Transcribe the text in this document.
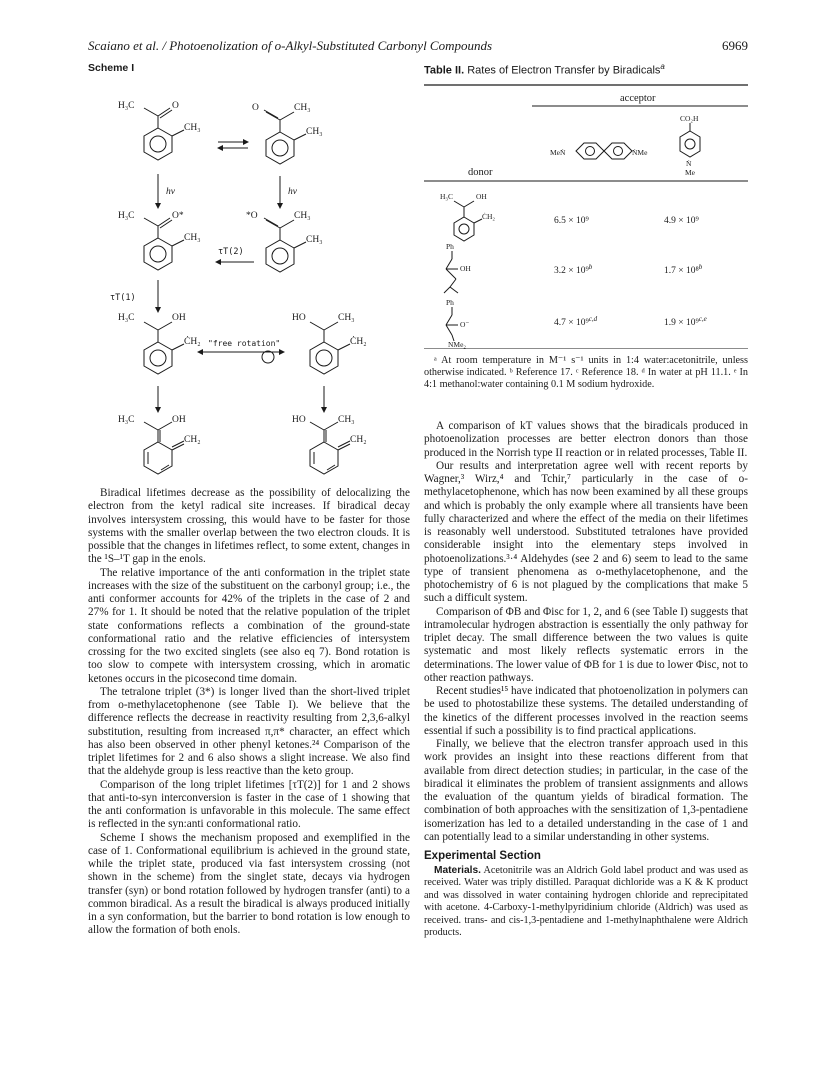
Scaiano et al. / Photoenolization of o-Alkyl-Substituted Carbonyl Compounds	6969
Scheme I
H₃C	O
CH₃
O	CH₃
CH₃
hν	hν
H₃C	O*
CH₃
τT(2)
*O	CH₃
CH₃
τT(1)
H₃C	OH
ĊH₂ "free rotation"
HO	CH₃
ĊH₂
H₃C	OH
CH₂
HO	CH₃
CH₂

Biradical lifetimes decrease as the possibility of delocalizing the electron from the ketyl radical site increases. If biradical decay involves intersystem crossing, this would have to be faster for those systems with the smaller overlap between the two electron clouds. It is possible that the changes in lifetimes reflect, to some extent, changes in the ¹S–¹T gap in the enols.

The relative importance of the anti conformation in the triplet state increases with the size of the substituent on the carbonyl group; i.e., the anti conformer accounts for 42% of the triplets in the case of 2 and 27% for 1. It should be noted that the relative population of the triplet state conformations reflects a combination of the ground-state conformational ratio and the relative efficiencies of intersystem crossing for the two excited singlets (see also eq 7). Bond rotation is too slow to compete with intersystem crossing, which in aromatic ketones occurs in the picosecond time domain.

The tetralone triplet (3*) is longer lived than the short-lived triplet from o-methylacetophenone (see Table I). We believe that the difference reflects the decrease in reactivity resulting from 2,3,6-alkyl substitution, resulting from increased π,π* character, an effect which has also been observed in other phenyl ketones.²⁴ Comparison of the triplet lifetimes for 2 and 6 also shows a slight increase. We also find that the aldehyde group is less reactive than the keto group.

Comparison of the long triplet lifetimes [τT(2)] for 1 and 2 shows that anti-to-syn interconversion is faster in the case of 1 showing that the anti conformation is unfavorable in this molecule. The same effect is reflected in the syn:anti conformational ratio.

Scheme I shows the mechanism proposed and exemplified in the case of 1. Conformational equilibrium is achieved in the ground state, while the triplet state, produced via fast intersystem crossing (not shown in the scheme) from the singlet state, decays via hydrogen transfer (syn) or bond rotation followed by hydrogen transfer (anti) to a common biradical. As a result the biradical is always produced initially in a syn conformation, but the barrier to bond rotation is low enough to allow the formation of both enols.

Table II. Rates of Electron Transfer by Biradicals$^a$
acceptor
MeṄ	ṄMe
CO₂H
Ṅ
Me
donor
H₃C	OH
ĊH₂	6.5 × 10⁹	4.9 × 10⁹
Ph
OH	3.2 × 10⁹$^b$	1.7 × 10⁸$^b$
Ph
O⁻
NMe₂
4.7 × 10⁹$^{c,d}$	1.9 × 10⁹$^{c,e}$

ᵃ At room temperature in M⁻¹ s⁻¹ units in 1:4 water:acetonitrile, unless otherwise indicated. ᵇ Reference 17. ᶜ Reference 18. ᵈ In water at pH 11.1. ᵉ In 4:1 methanol:water containing 0.1 M sodium hydroxide.

A comparison of kT values shows that the biradicals produced in photoenolization processes are better electron donors than those produced in the Norrish type II reaction or in related processes, Table II.

Our results and interpretation agree well with recent reports by Wagner,³ Wirz,⁴ and Tchir,⁷ particularly in the case of o-methylacetophenone, which has now been examined by all these groups and which is probably the only example where all transients have been fully characterized and where the effect of the media on their lifetimes is reasonably well understood. Substituted tetralones have provided considerable insight into the elementary steps involved in photoenolizations.³·⁴ Aldehydes (see 2 and 6) seem to lead to the same type of transient phenomena as o-methylacetophenone, and the photochemistry of 6 is not plagued by the complications that make 5 such a difficult system.

Comparison of ΦB and Φisc for 1, 2, and 6 (see Table I) suggests that intramolecular hydrogen abstraction is essentially the only pathway for triplet decay. The small difference between the two values is quite systematic and most likely reflects systematic errors in the determinations. The lower value of ΦB for 1 is due to lower Φisc, not to other reaction pathways.

Recent studies¹⁵ have indicated that photoenolization in polymers can be used to photostabilize these systems. The detailed understanding of the kinetics of the different processes involved in the reaction seems essential if such a possibility is to find practical applications.

Finally, we believe that the electron transfer approach used in this work provides an insight into these reactions different from that available from direct detection studies; in particular, in the case of the biradical it eliminates the problem of transient assignments and allows the evaluation of the quantum yields of biradical formation. The combination of both approaches with the sensitization of 1,3-pentadiene isomerization has led to a detailed understanding in the case of 1 and can potentially lead to a similar understanding in other systems.

Experimental Section

Materials. Acetonitrile was an Aldrich Gold label product and was used as received. Water was triply distilled. Paraquat dichloride was a K & K product and was dissolved in water containing hydrogen chloride and reprecipitated with acetone. 4-Carboxy-1-methylpyridinium chloride (Aldrich) was used as received. trans- and cis-1,3-pentadiene and 1-methylnaphthalene were Aldrich products.
